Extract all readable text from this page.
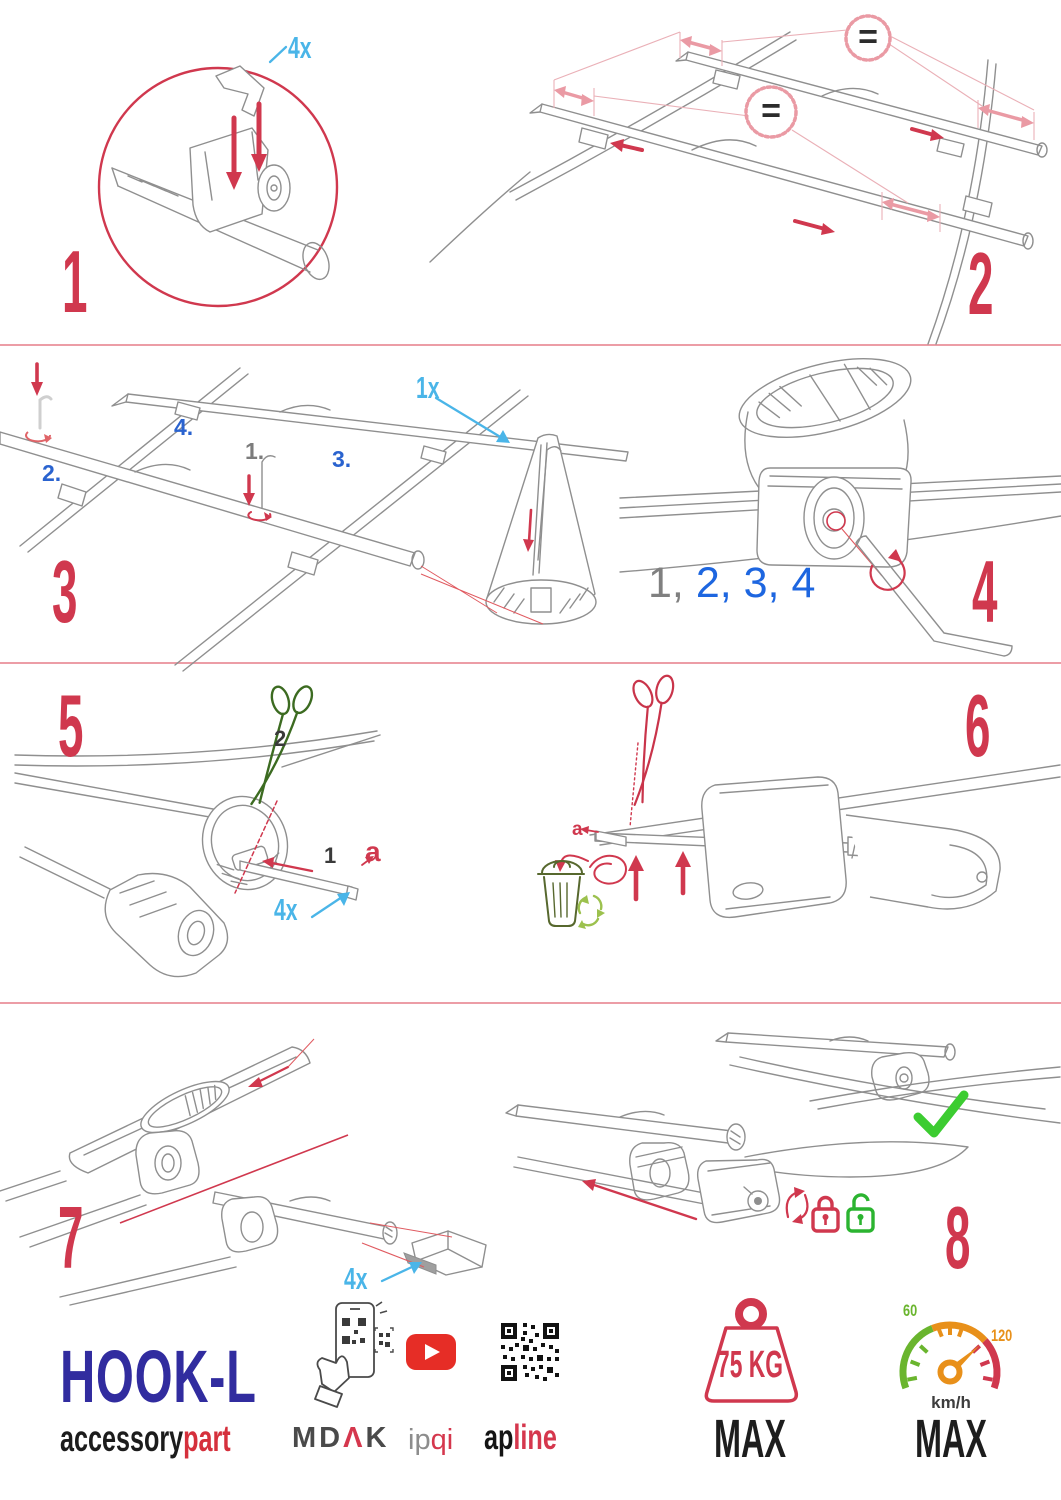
4x
1
=
=
2
1.
2.
3.
4.
1x
3	1, 2, 3, 4 4
2
1 a
4x
5
a
6
4x
7	8
HOOK-L
accessorypart MDΛK ipqi apline
75 KG
MAX
60
120
km/h
MAX
